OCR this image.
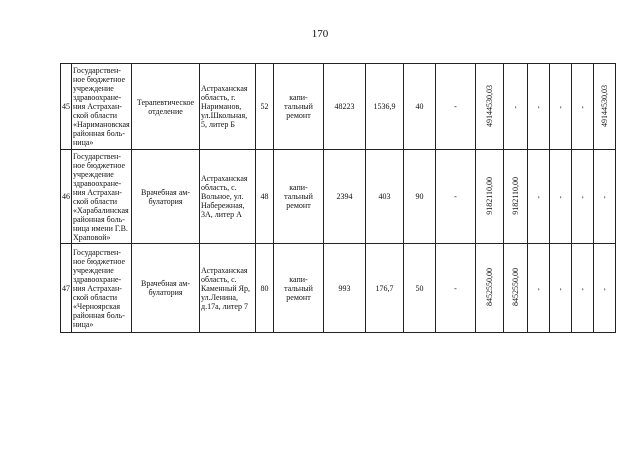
170
45	Государствен-ное бюджетное учреждение здравоохране-ния Астрахан-ской области «Наримановская районная боль-ница»	Терапевтическое отделение	Астраханская область, г. Нариманов, ул.Школьная, 5, литер Б	52	капи-тальный ремонт	48223	1536,9	40	-	49144530,03	-	-	-	-	49144530,03
46	Государствен-ное бюджетное учреждение здравоохране-ния Астрахан-ской области «Харабалинская районная боль-ница имени Г.В. Храповой»	Врачебная ам-булатория	Астраханская область, с. Вольное, ул. Набережная, 3А, литер А	48	капи-тальный ремонт	2394	403	90	-	9182110,00	9182110,00	-	-	-	-
47	Государствен-ное бюджетное учреждение здравоохране-ния Астрахан-ской области «Черноярская районная боль-ница»	Врачебная ам-булатория	Астраханская область, с. Каменный Яр, ул.Ленина, д.17а, литер 7	80	капи-тальный ремонт	993	176,7	50	-	8452550,00	8452550,00	-	-	-	-
